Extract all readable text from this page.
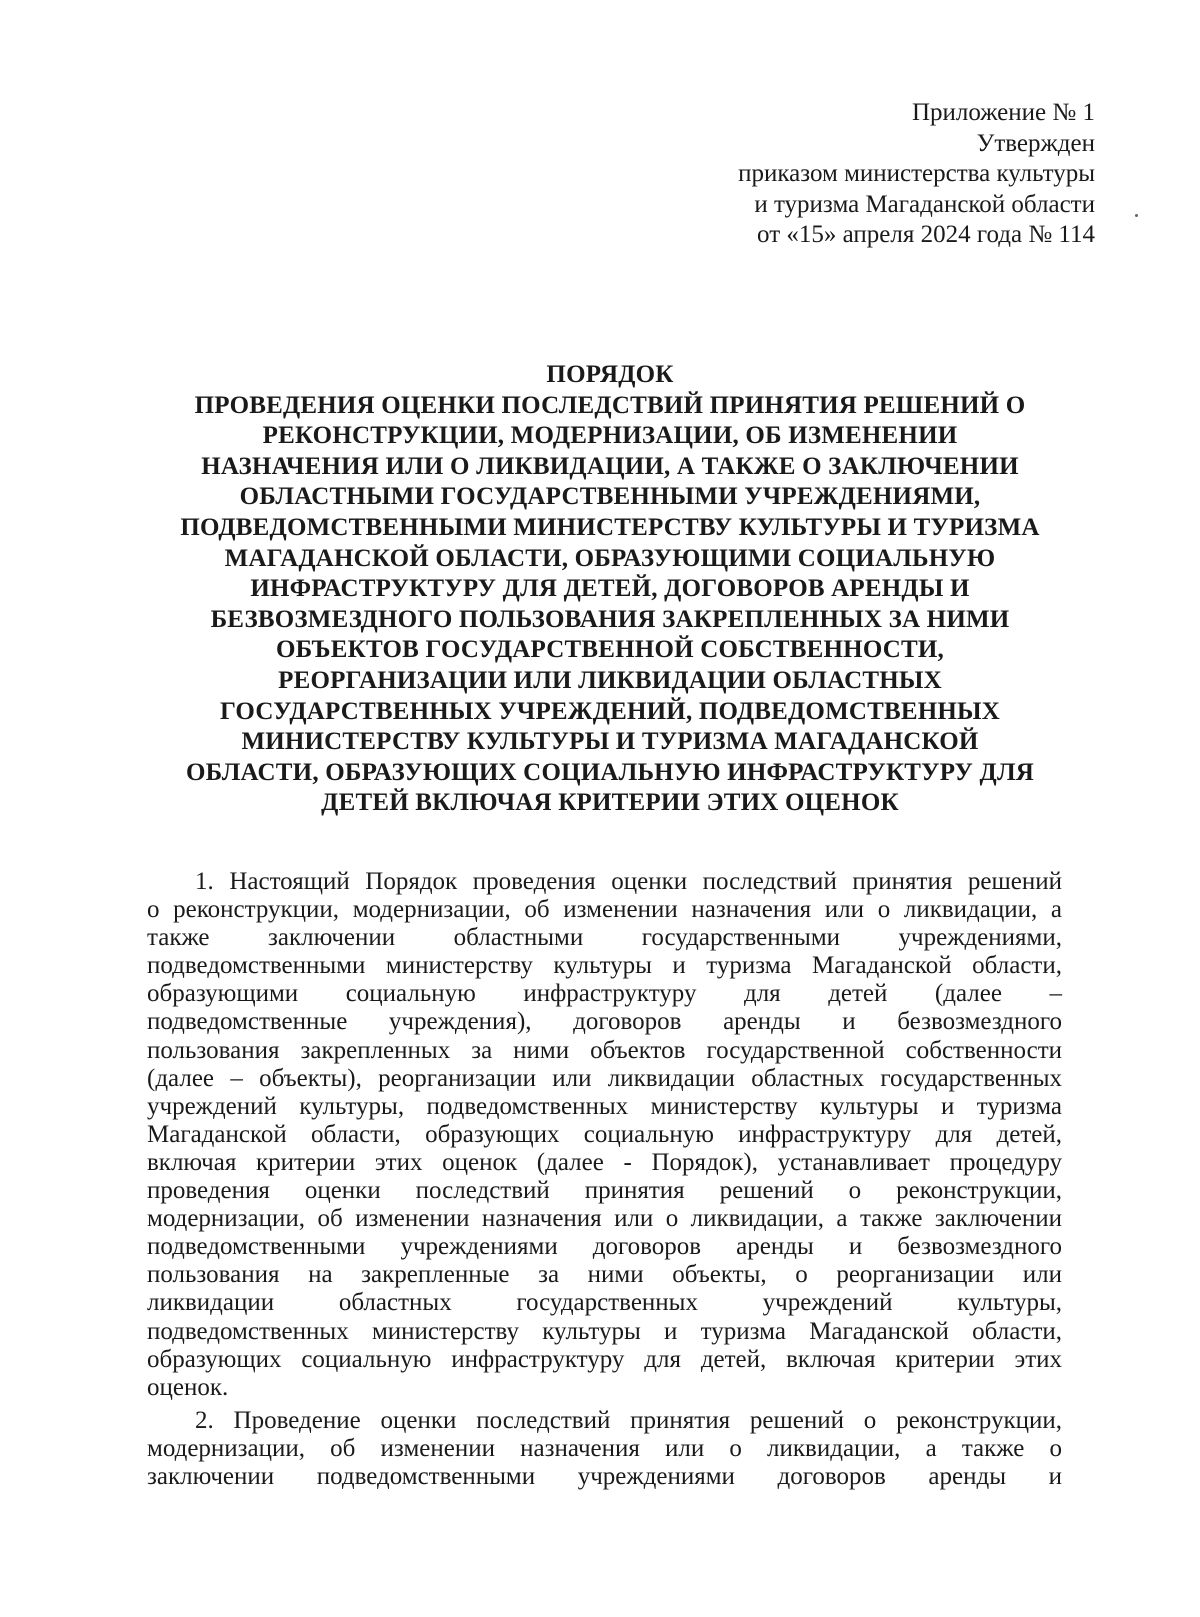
Приложение № 1
Утвержден
приказом министерства культуры
и туризма Магаданской области
от «15» апреля 2024 года № 114
ПОРЯДОК
ПРОВЕДЕНИЯ ОЦЕНКИ ПОСЛЕДСТВИЙ ПРИНЯТИЯ РЕШЕНИЙ О
РЕКОНСТРУКЦИИ, МОДЕРНИЗАЦИИ, ОБ ИЗМЕНЕНИИ
НАЗНАЧЕНИЯ ИЛИ О ЛИКВИДАЦИИ, А ТАКЖЕ О ЗАКЛЮЧЕНИИ
ОБЛАСТНЫМИ ГОСУДАРСТВЕННЫМИ УЧРЕЖДЕНИЯМИ,
ПОДВЕДОМСТВЕННЫМИ МИНИСТЕРСТВУ КУЛЬТУРЫ И ТУРИЗМА
МАГАДАНСКОЙ ОБЛАСТИ, ОБРАЗУЮЩИМИ СОЦИАЛЬНУЮ
ИНФРАСТРУКТУРУ ДЛЯ ДЕТЕЙ, ДОГОВОРОВ АРЕНДЫ И
БЕЗВОЗМЕЗДНОГО ПОЛЬЗОВАНИЯ ЗАКРЕПЛЕННЫХ ЗА НИМИ
ОБЪЕКТОВ ГОСУДАРСТВЕННОЙ СОБСТВЕННОСТИ,
РЕОРГАНИЗАЦИИ ИЛИ ЛИКВИДАЦИИ ОБЛАСТНЫХ
ГОСУДАРСТВЕННЫХ УЧРЕЖДЕНИЙ, ПОДВЕДОМСТВЕННЫХ
МИНИСТЕРСТВУ КУЛЬТУРЫ И ТУРИЗМА МАГАДАНСКОЙ
ОБЛАСТИ, ОБРАЗУЮЩИХ СОЦИАЛЬНУЮ ИНФРАСТРУКТУРУ ДЛЯ
ДЕТЕЙ ВКЛЮЧАЯ КРИТЕРИИ ЭТИХ ОЦЕНОК

1. Настоящий Порядок проведения оценки последствий принятия решений
о реконструкции, модернизации, об изменении назначения или о ликвидации, а
также заключении областными государственными учреждениями,
подведомственными министерству культуры и туризма Магаданской области,
образующими социальную инфраструктуру для детей (далее –
подведомственные учреждения), договоров аренды и безвозмездного
пользования закрепленных за ними объектов государственной собственности
(далее – объекты), реорганизации или ликвидации областных государственных
учреждений культуры, подведомственных министерству культуры и туризма
Магаданской области, образующих социальную инфраструктуру для детей,
включая критерии этих оценок (далее - Порядок), устанавливает процедуру
проведения оценки последствий принятия решений о реконструкции,
модернизации, об изменении назначения или о ликвидации, а также заключении
подведомственными учреждениями договоров аренды и безвозмездного
пользования на закрепленные за ними объекты, о реорганизации или
ликвидации областных государственных учреждений культуры,
подведомственных министерству культуры и туризма Магаданской области,
образующих социальную инфраструктуру для детей, включая критерии этих
оценок.

2. Проведение оценки последствий принятия решений о реконструкции,
модернизации, об изменении назначения или о ликвидации, а также о
заключении подведомственными учреждениями договоров аренды и
